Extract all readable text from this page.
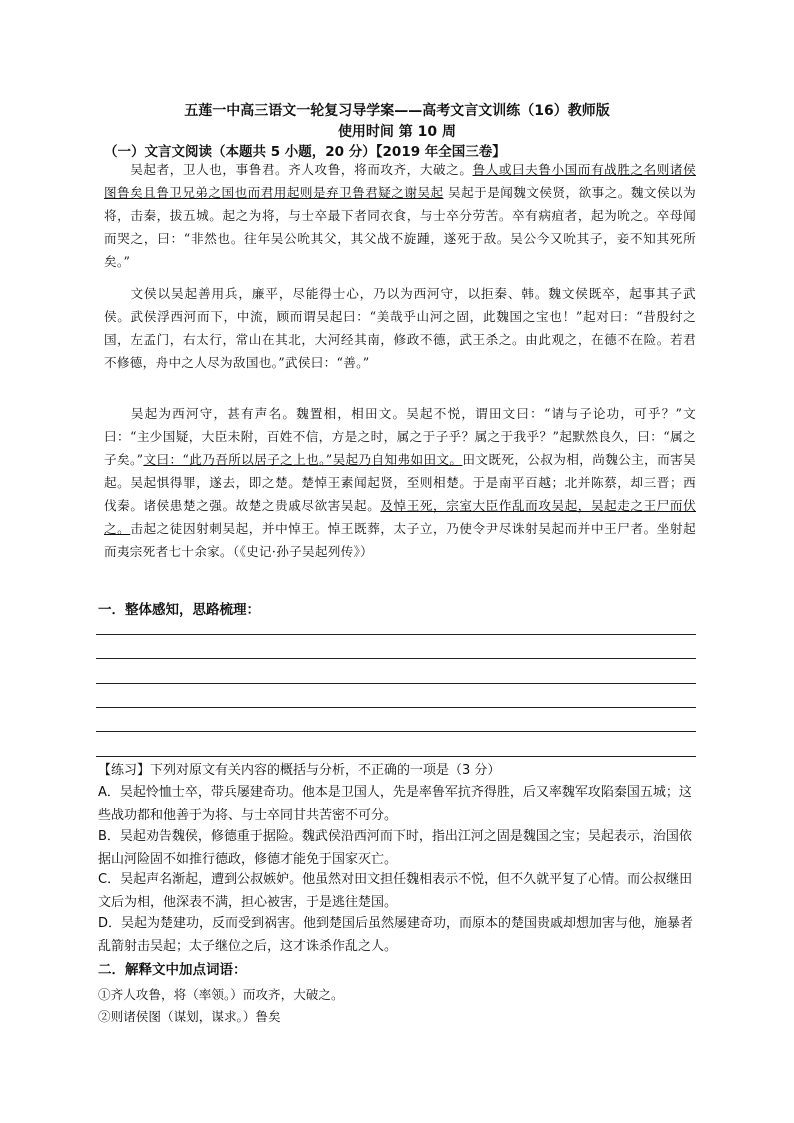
五莲一中高三语文一轮复习导学案——高考文言文训练（16）教师版
使用时间 第 10 周
（一）文言文阅读（本题共 5 小题，20 分）【2019 年全国三卷】
吴起者，卫人也，事鲁君。齐人攻鲁，将而攻齐，大破之。鲁人或曰夫鲁小国而有战胜之名则诸侯图鲁矣且鲁卫兄弟之国也而君用起则是弃卫鲁君疑之谢吴起 吴起于是闻魏文侯贤，欲事之。魏文侯以为将，击秦，拔五城。起之为将，与士卒最下者同衣食，与士卒分劳苦。卒有病疽者，起为吮之。卒母闻而哭之，曰：“非然也。往年吴公吮其父，其父战不旋踵，遂死于敌。吴公今又吮其子，妾不知其死所矣。”
文侯以吴起善用兵，廉平，尽能得士心，乃以为西河守，以拒秦、韩。魏文侯既卒，起事其子武侯。武侯浮西河而下，中流，顾而谓吴起曰：“美哉乎山河之固，此魏国之宝也！”起对曰：“昔殷纣之国，左孟门，右太行，常山在其北，大河经其南，修政不德，武王杀之。由此观之，在德不在险。若君不修德，舟中之人尽为敌国也。”武侯曰：“善。”
吴起为西河守，甚有声名。魏置相，相田文。吴起不悦，谓田文曰：“请与子论功，可乎？”文曰：“主少国疑，大臣未附，百姓不信，方是之时，属之于子乎？属之于我乎？”起默然良久，曰：“属之子矣。”文曰：“此乃吾所以居子之上也。”吴起乃自知弗如田文。田文既死，公叔为相，尚魏公主，而害吴起。吴起惧得罪，遂去，即之楚。楚悼王素闻起贤，至则相楚。于是南平百越；北并陈蔡，却三晋；西伐秦。诸侯患楚之强。故楚之贵戚尽欲害吴起。及悼王死，宗室大臣作乱而攻吴起，吴起走之王尸而伏之。击起之徒因射刺吴起，并中悼王。悼王既葬，太子立，乃使令尹尽诛射吴起而并中王尸者。坐射起而夷宗死者七十余家。（《史记·孙子吴起列传》）
一．整体感知，思路梳理：
【练习】下列对原文有关内容的概括与分析，不正确的一项是（3 分）
A．吴起怜恤士卒，带兵屡建奇功。他本是卫国人，先是率鲁军抗齐得胜，后又率魏军攻陷秦国五城；这些战功都和他善于为将、与士卒同甘共苦密不可分。
B．吴起劝告魏侯，修德重于据险。魏武侯沿西河而下时，指出江河之固是魏国之宝；吴起表示，治国依据山河险固不如推行德政，修德才能免于国家灭亡。
C．吴起声名渐起，遭到公叔嫉妒。他虽然对田文担任魏相表示不悦，但不久就平复了心情。而公叔继田文后为相，他深表不满，担心被害，于是逃往楚国。
D．吴起为楚建功，反而受到祸害。他到楚国后虽然屡建奇功，而原本的楚国贵戚却想加害与他，施暴者乱箭射击吴起；太子继位之后，这才诛杀作乱之人。
二．解释文中加点词语：
①齐人攻鲁，将（率领。）而攻齐，大破之。
②则诸侯图（谋划，谋求。）鲁矣
